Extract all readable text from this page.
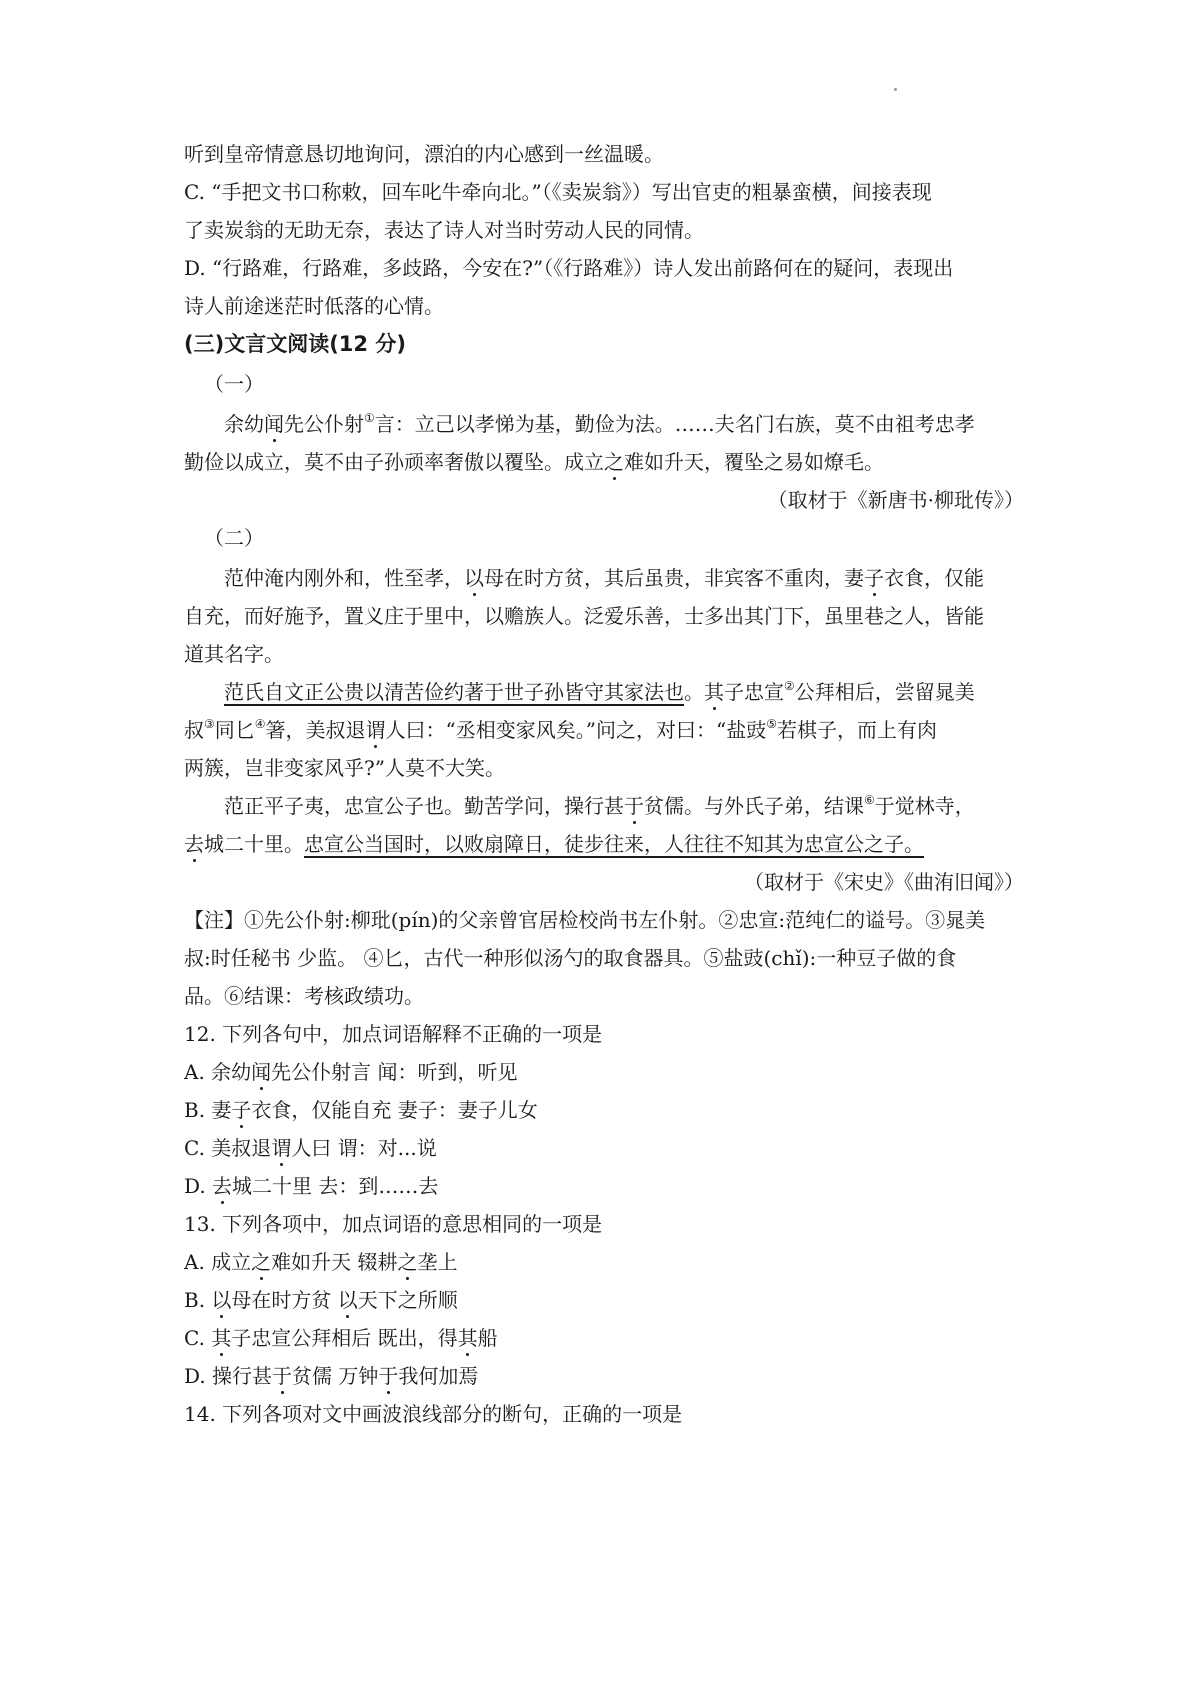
听到皇帝情意恳切地询问，漂泊的内心感到一丝温暖。
C. “手把文书口称敕，回车叱牛牵向北。”（《卖炭翁》）写出官吏的粗暴蛮横，间接表现
了卖炭翁的无助无奈，表达了诗人对当时劳动人民的同情。
D. “行路难，行路难，多歧路，今安在?”（《行路难》）诗人发出前路何在的疑问，表现出
诗人前途迷茫时低落的心情。
(三)文言文阅读(12 分)
（一）
余幼闻先公仆射①言：立己以孝悌为基，勤俭为法。……夫名门右族，莫不由祖考忠孝
勤俭以成立，莫不由子孙顽率奢傲以覆坠。成立之难如升天，覆坠之易如燎毛。
（取材于《新唐书·柳玭传》）
（二）
范仲淹内刚外和，性至孝，以母在时方贫，其后虽贵，非宾客不重肉，妻子衣食，仅能
自充，而好施予，置义庄于里中，以赡族人。泛爱乐善，士多出其门下，虽里巷之人，皆能
道其名字。
范氏自文正公贵以清苦俭约著于世子孙皆守其家法也。其子忠宣②公拜相后，尝留晁美
叔③同匕④箸，美叔退谓人曰：“丞相变家风矣。”问之，对曰：“盐豉⑤若棋子，而上有肉
两簇，岂非变家风乎?”人莫不大笑。
范正平子夷，忠宣公子也。勤苦学问，操行甚于贫儒。与外氏子弟，结课⑥于觉林寺，
去城二十里。忠宣公当国时，以败扇障日，徒步往来，人往往不知其为忠宣公之子。
（取材于《宋史》《曲洧旧闻》）
【注】①先公仆射:柳玭(pín)的父亲曾官居检校尚书左仆射。②忠宣:范纯仁的谥号。③晁美
叔:时任秘书 少监。 ④匕，古代一种形似汤勺的取食器具。⑤盐豉(chǐ):一种豆子做的食
品。⑥结课：考核政绩功。
12. 下列各句中，加点词语解释不正确的一项是
A. 余幼闻先公仆射言 闻：听到，听见
B. 妻子衣食，仅能自充 妻子：妻子儿女
C. 美叔退谓人曰 谓：对...说
D. 去城二十里 去：到……去
13. 下列各项中，加点词语的意思相同的一项是
A. 成立之难如升天 辍耕之垄上
B. 以母在时方贫 以天下之所顺
C. 其子忠宣公拜相后 既出，得其船
D. 操行甚于贫儒 万钟于我何加焉
14. 下列各项对文中画波浪线部分的断句，正确的一项是
